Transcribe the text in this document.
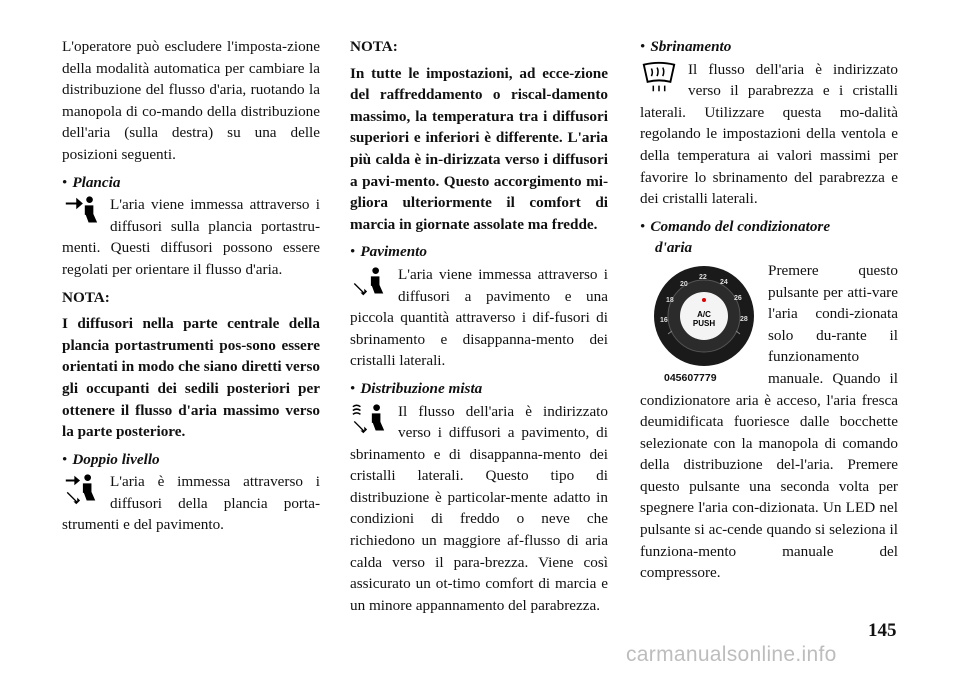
L'operatore può escludere l'imposta-zione della modalità automatica per cambiare la distribuzione del flusso d'aria, ruotando la manopola di co-mando della distribuzione dell'aria (sulla destra) su una delle posizioni seguenti.

• Plancia
L'aria viene immessa attraverso i diffusori sulla plancia portastru-menti. Questi diffusori possono essere regolati per orientare il flusso d'aria.

NOTA:

I diffusori nella parte centrale della plancia portastrumenti pos-sono essere orientati in modo che siano diretti verso gli occupanti dei sedili posteriori per ottenere il flusso d'aria massimo verso la parte posteriore.

• Doppio livello
L'aria è immessa attraverso i diffusori della plancia porta-strumenti e del pavimento.

NOTA:

In tutte le impostazioni, ad ecce-zione del raffreddamento o riscal-damento massimo, la temperatura tra i diffusori superiori e inferiori è differente. L'aria più calda è in-dirizzata verso i diffusori a pavi-mento. Questo accorgimento mi-gliora ulteriormente il comfort di marcia in giornate assolate ma fredde.

• Pavimento
L'aria viene immessa attraverso i diffusori a pavimento e una piccola quantità attraverso i dif-fusori di sbrinamento e disappanna-mento dei cristalli laterali.
• Distribuzione mista
Il flusso dell'aria è indirizzato verso i diffusori a pavimento, di sbrinamento e di disappanna-mento dei cristalli laterali. Questo tipo di distribuzione è particolar-mente adatto in condizioni di freddo o neve che richiedono un maggiore af-flusso di aria calda verso il para-brezza. Viene così assicurato un ot-timo comfort di marcia e un minore appannamento del parabrezza.
• Sbrinamento
Il flusso dell'aria è indirizzato verso il parabrezza e i cristalli laterali. Utilizzare questa mo-dalità regolando le impostazioni della ventola e della temperatura ai valori massimi per favorire lo sbrinamento del parabrezza e dei cristalli laterali.
• Comando del condizionatore
d'aria
A/C
PUSH
16
18
20
22
24
26
28
045607779
Premere questo pulsante per atti-vare l'aria condi-zionata solo du-rante il funzionamento manuale. Quando il condizionatore aria è acceso, l'aria fresca deumidificata fuoriesce dalle bocchette selezionate con la manopola di comando della distribuzione del-l'aria. Premere questo pulsante una seconda volta per spegnere l'aria con-dizionata. Un LED nel pulsante si ac-cende quando si seleziona il funziona-mento manuale del compressore.
145
carmanualsonline.info
